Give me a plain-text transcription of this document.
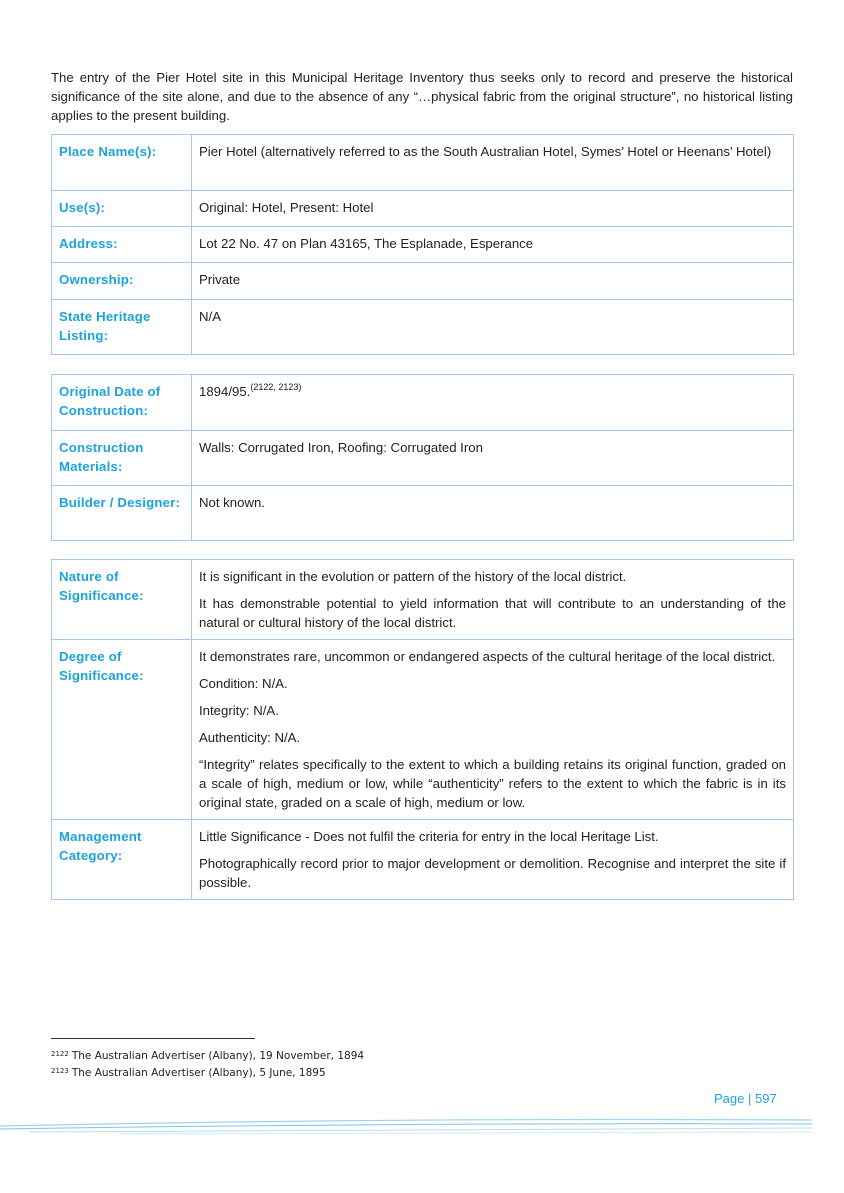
The entry of the Pier Hotel site in this Municipal Heritage Inventory thus seeks only to record and preserve the historical significance of the site alone, and due to the absence of any “…physical fabric from the original structure”, no historical listing applies to the present building.

Place Name(s):	Pier Hotel (alternatively referred to as the South Australian Hotel, Symes’ Hotel or Heenans’ Hotel)
Use(s):	Original: Hotel, Present: Hotel
Address:	Lot 22 No. 47 on Plan 43165, The Esplanade, Esperance
Ownership:	Private
State Heritage Listing:	N/A
Original Date of Construction:	1894/95.$^{(2122, 2123)}$
Construction Materials:	Walls: Corrugated Iron, Roofing: Corrugated Iron
Builder / Designer:	Not known.
Nature of Significance:	It is significant in the evolution or pattern of the history of the local district.

It has demonstrable potential to yield information that will contribute to an understanding of the natural or cultural history of the local district.

Degree of Significance:	It demonstrates rare, uncommon or endangered aspects of the cultural heritage of the local district.

Condition: N/A.

Integrity: N/A.

Authenticity: N/A.

“Integrity” relates specifically to the extent to which a building retains its original function, graded on a scale of high, medium or low, while “authenticity” refers to the extent to which the fabric is in its original state, graded on a scale of high, medium or low.

Management Category:	Little Significance - Does not fulfil the criteria for entry in the local Heritage List.

Photographically record prior to major development or demolition. Recognise and interpret the site if possible.

$^{2122}$ The Australian Advertiser (Albany), 19 November, 1894
$^{2123}$ The Australian Advertiser (Albany), 5 June, 1895
Page | 597
